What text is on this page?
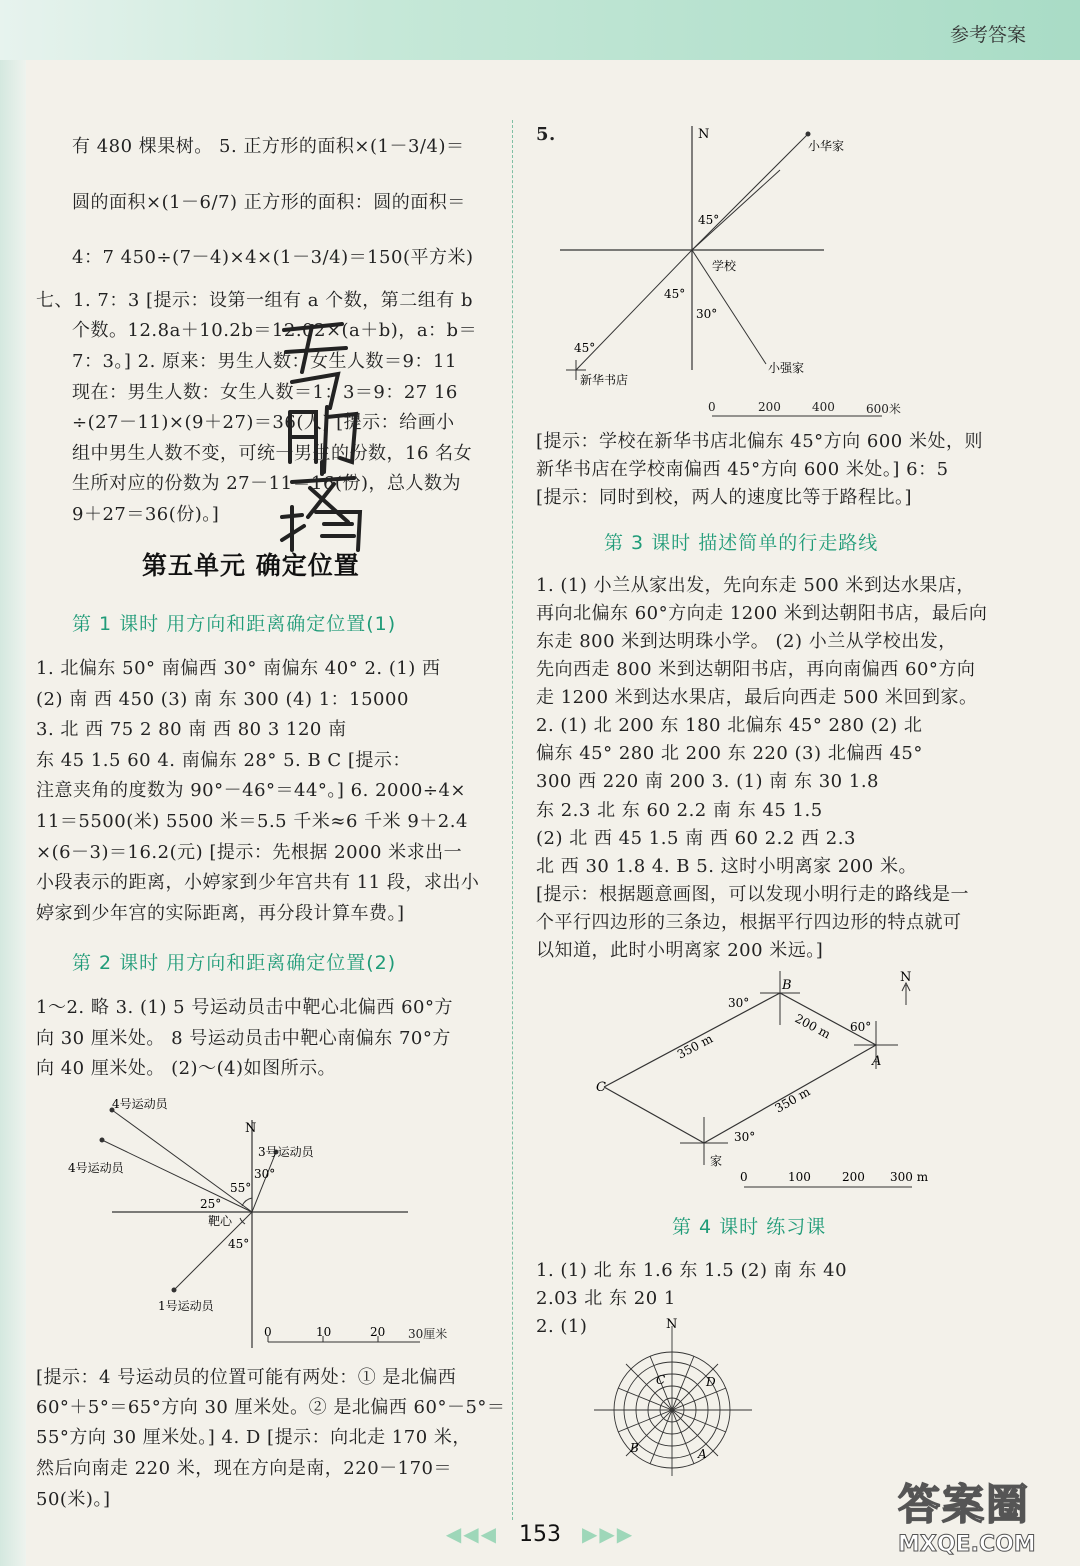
参考答案
有 480 棵果树。 5. 正方形的面积×(1－3/4)＝
圆的面积×(1－6/7) 正方形的面积：圆的面积＝
4：7 450÷(7－4)×4×(1－3/4)＝150(平方米)
七、1. 7：3 [提示：设第一组有 a 个数，第二组有 b
个数。12.8a＋10.2b＝12.02×(a＋b)，a：b＝
7：3。] 2. 原来：男生人数：女生人数＝9：11
现在：男生人数：女生人数＝1：3＝9：27 16
÷(27－11)×(9＋27)＝36(人) [提示：给画小
组中男生人数不变，可统一男生的份数，16 名女
生所对应的份数为 27－11＝16(份)，总人数为
9＋27＝36(份)。]
第五单元 确定位置
第 1 课时 用方向和距离确定位置(1)
1. 北偏东 50° 南偏西 30° 南偏东 40° 2. (1) 西
(2) 南 西 450 (3) 南 东 300 (4) 1：15000
3. 北 西 75 2 80 南 西 80 3 120 南
东 45 1.5 60 4. 南偏东 28° 5. B C [提示：
注意夹角的度数为 90°－46°＝44°。] 6. 2000÷4×
11＝5500(米) 5500 米＝5.5 千米≈6 千米 9＋2.4
×(6－3)＝16.2(元) [提示：先根据 2000 米求出一
小段表示的距离，小婷家到少年宫共有 11 段，求出小
婷家到少年宫的实际距离，再分段计算车费。]
第 2 课时 用方向和距离确定位置(2)
1～2. 略 3. (1) 5 号运动员击中靶心北偏西 60°方
向 30 厘米处。 8 号运动员击中靶心南偏东 70°方
向 40 厘米处。 (2)～(4)如图所示。
N
4号运动员
4号运动员
3号运动员
1号运动员
靶心
55°
30°
25°
45°
0	10	20 30厘米
[提示：4 号运动员的位置可能有两处：① 是北偏西
60°＋5°＝65°方向 30 厘米处。② 是北偏西 60°－5°＝
55°方向 30 厘米处。] 4. D [提示：向北走 170 米，
然后向南走 220 米，现在方向是南，220－170＝
50(米)。]
5.	N
小华家
学校
小强家
新华书店
45°
45°
30°
45°
0	200	400	600米
[提示：学校在新华书店北偏东 45°方向 600 米处，则
新华书店在学校南偏西 45°方向 600 米处。] 6：5
[提示：同时到校，两人的速度比等于路程比。]
第 3 课时 描述简单的行走路线
1. (1) 小兰从家出发，先向东走 500 米到达水果店，
再向北偏东 60°方向走 1200 米到达朝阳书店，最后向
东走 800 米到达明珠小学。 (2) 小兰从学校出发，
先向西走 800 米到达朝阳书店，再向南偏西 60°方向
走 1200 米到达水果店，最后向西走 500 米回到家。
2. (1) 北 200 东 180 北偏东 45° 280 (2) 北
偏东 45° 280 北 200 东 220 (3) 北偏西 45°
300 西 220 南 200 3. (1) 南 东 30 1.8
东 2.3 北 东 60 2.2 南 东 45 1.5
(2) 北 西 45 1.5 南 西 60 2.2 西 2.3
北 西 30 1.8 4. B 5. 这时小明离家 200 米。
[提示：根据题意画图，可以发现小明行走的路线是一
个平行四边形的三条边，根据平行四边形的特点就可
以知道，此时小明离家 200 米远。]
N
B
A
C
家
30°
60°
30°
200 m
350 m
350 m
0	100	200 300 m
第 4 课时 练习课
1. (1) 北 东 1.6 东 1.5 (2) 南 东 40
2.03 北 东 20 1
2. (1)	N
C	D
B	A
◀◀◀ 153 ▶▶▶
答案圈
MXQE.COM
